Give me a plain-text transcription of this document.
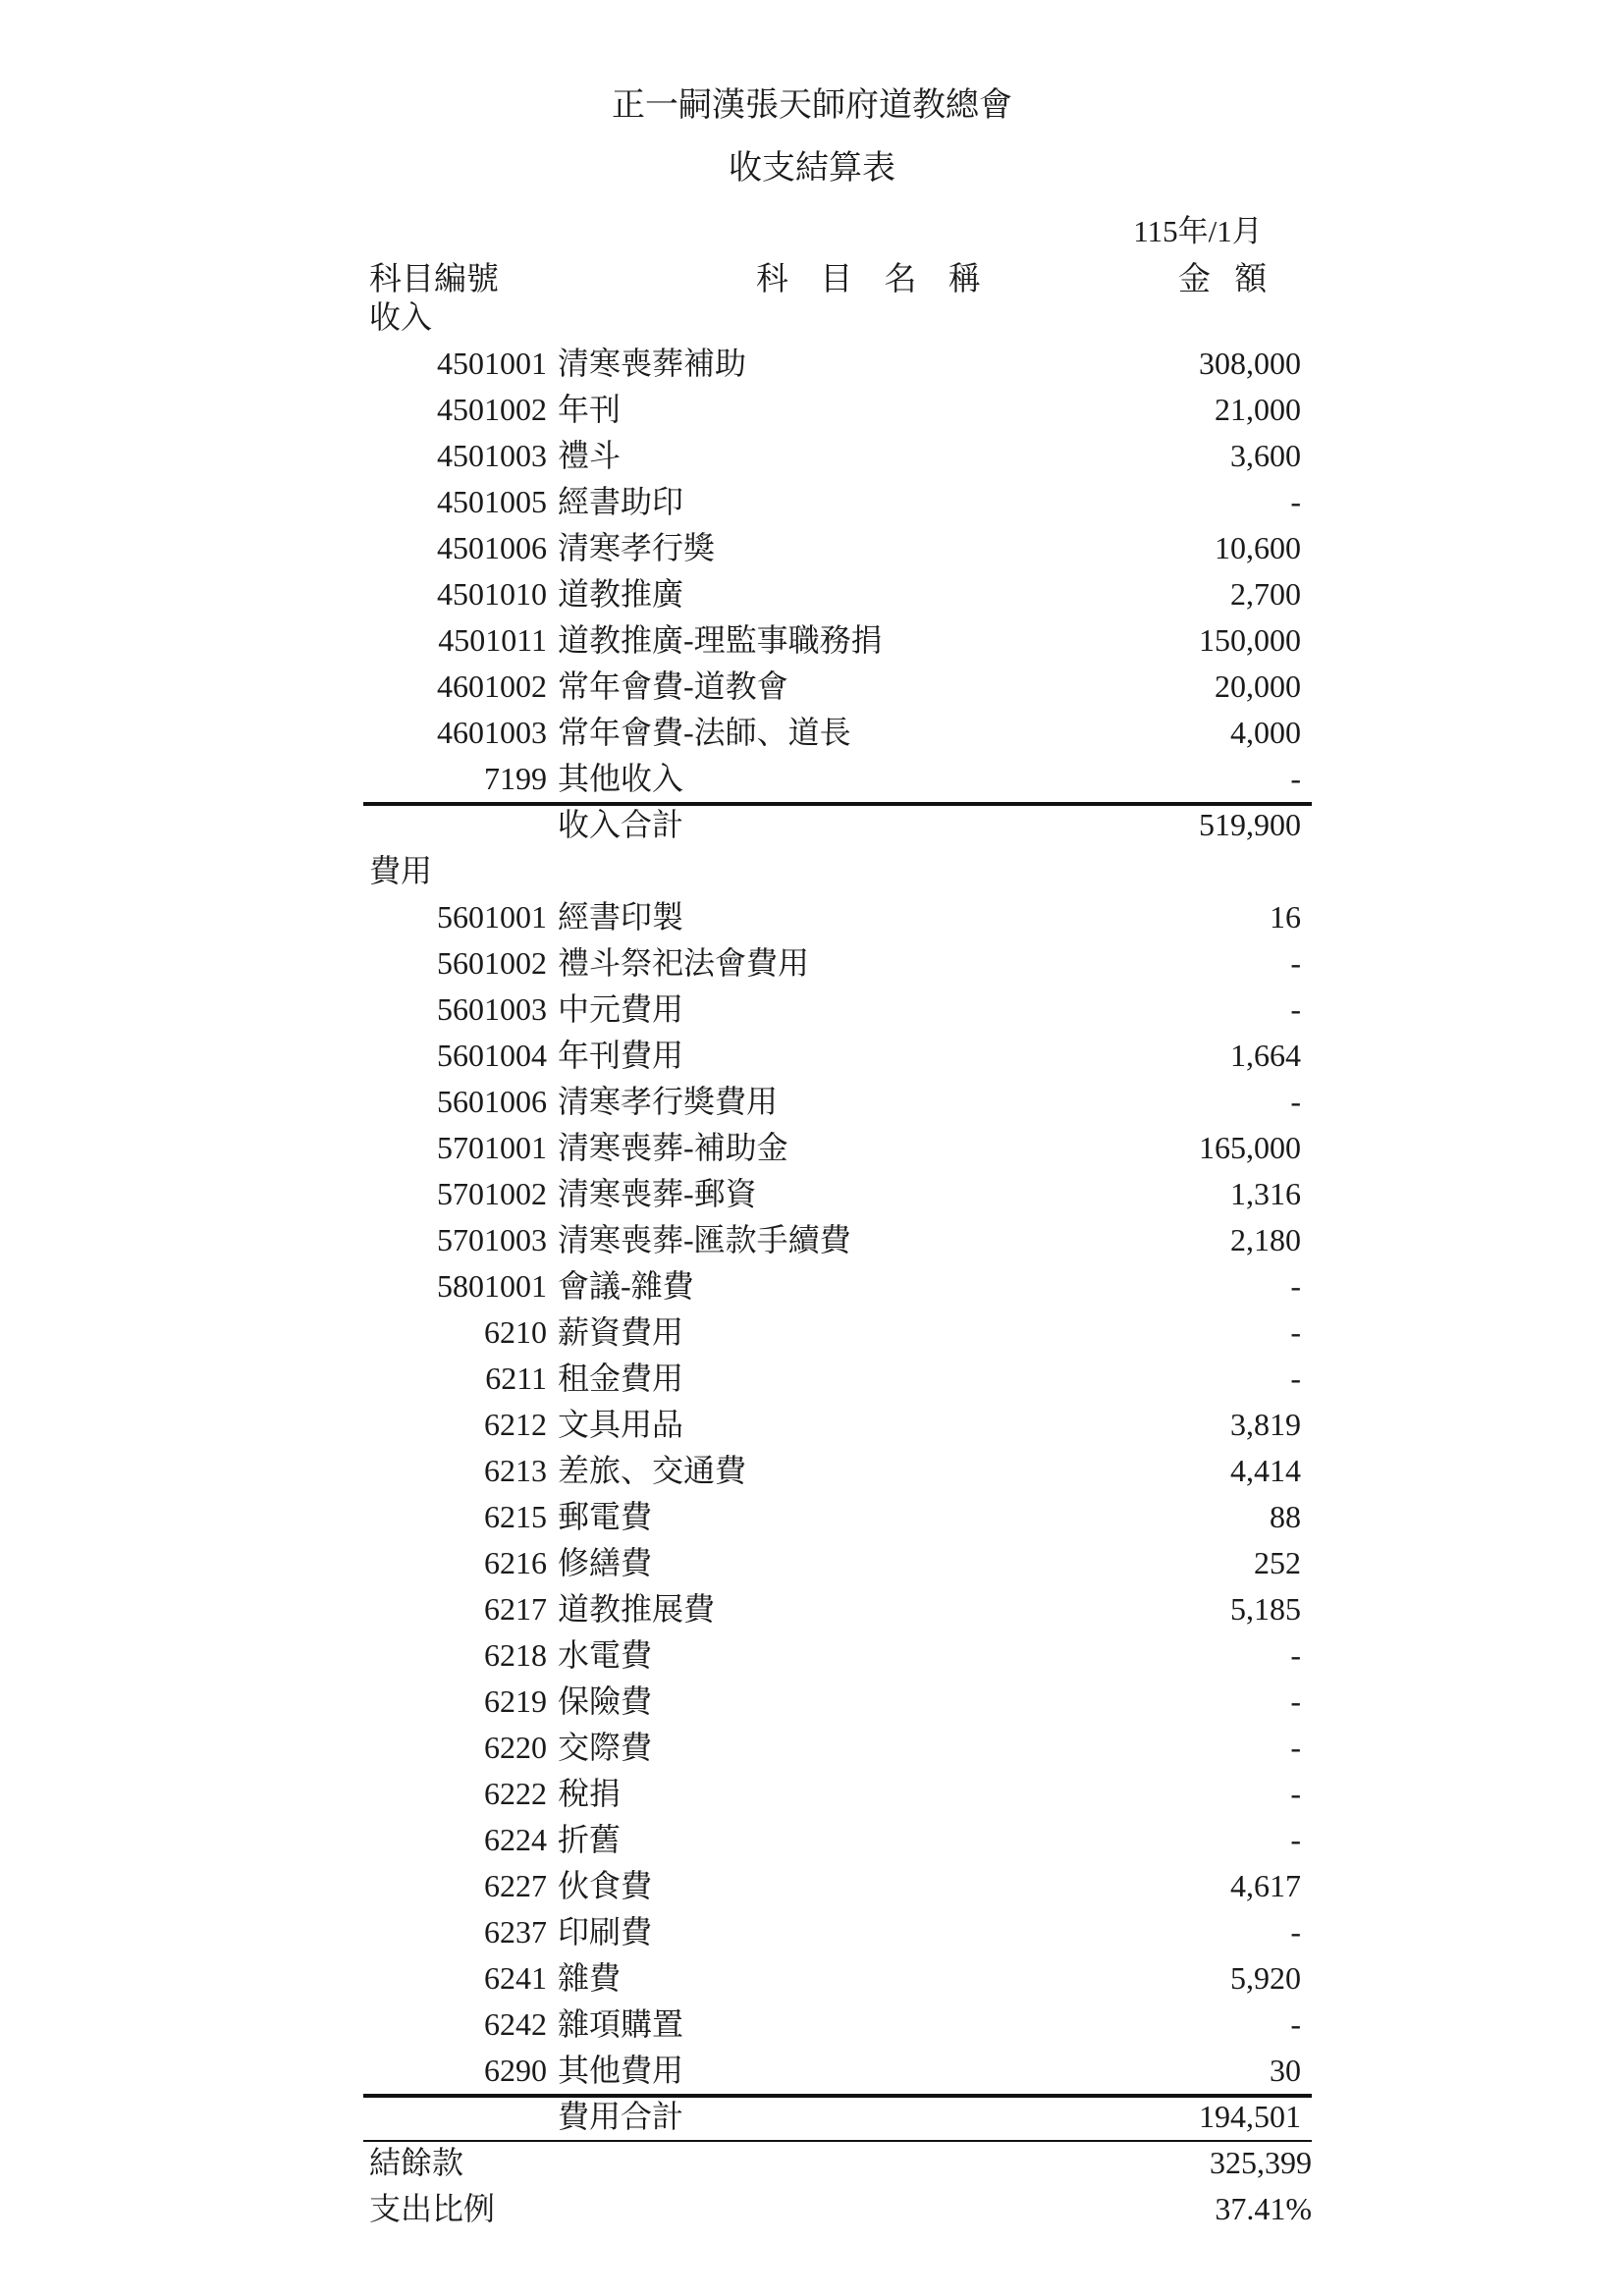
正一嗣漢張天師府道教總會
收支結算表
115年/1月
科目編號	科 目 名 稱	金 額
收入
4501001 清寒喪葬補助	308,000
4501002 年刊	21,000
4501003 禮斗	3,600
4501005 經書助印	-
4501006 清寒孝行獎	10,600
4501010 道教推廣	2,700
4501011 道教推廣-理監事職務捐	150,000
4601002 常年會費-道教會	20,000
4601003 常年會費-法師、道長	4,000
7199 其他收入	-
收入合計	519,900
費用
5601001 經書印製	16
5601002 禮斗祭祀法會費用	-
5601003 中元費用	-
5601004 年刊費用	1,664
5601006 清寒孝行獎費用	-
5701001 清寒喪葬-補助金	165,000
5701002 清寒喪葬-郵資	1,316
5701003 清寒喪葬-匯款手續費	2,180
5801001 會議-雜費	-
6210 薪資費用	-
6211 租金費用	-
6212 文具用品	3,819
6213 差旅、交通費	4,414
6215 郵電費	88
6216 修繕費	252
6217 道教推展費	5,185
6218 水電費	-
6219 保險費	-
6220 交際費	-
6222 稅捐	-
6224 折舊	-
6227 伙食費	4,617
6237 印刷費	-
6241 雜費	5,920
6242 雜項購置	-
6290 其他費用	30
費用合計	194,501
結餘款	325,399
支出比例	37.41%
